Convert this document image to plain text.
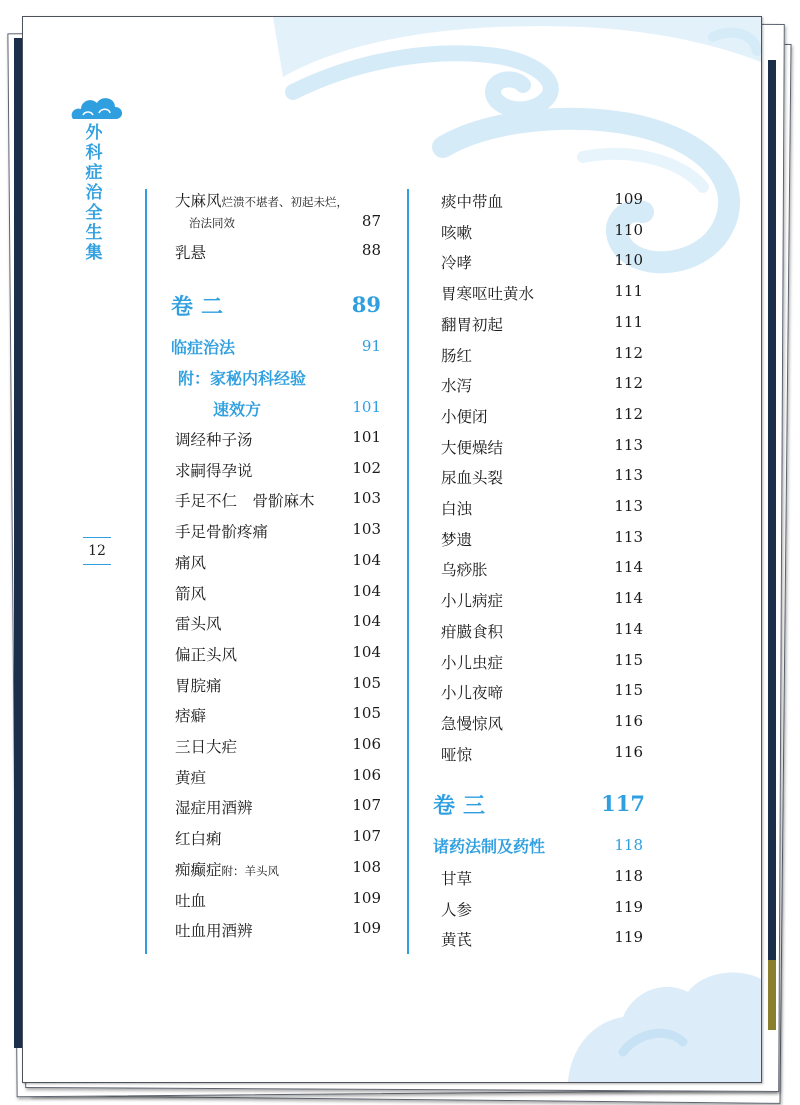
外科症治全生集
12
大麻风烂溃不堪者、初起未烂，
治法同效	87
乳悬	88
卷二	89
临症治法	91
附：家秘内科经验
速效方	101
调经种子汤	101
求嗣得孕说	102
手足不仁　骨骱麻木	103
手足骨骱疼痛	103
痛风	104
箭风	104
雷头风	104
偏正头风	104
胃脘痛	105
痞癖	105
三日大疟	106
黄疸	106
湿症用酒辨	107
红白痢	107
痴癫症附：羊头风	108
吐血	109
吐血用酒辨	109
痰中带血	109
咳嗽	110
冷哮	110
胃寒呕吐黄水	111
翻胃初起	111
肠红	112
水泻	112
小便闭	112
大便燥结	113
尿血头裂	113
白浊	113
梦遗	113
乌痧胀	114
小儿病症	114
疳臌食积	114
小儿虫症	115
小儿夜啼	115
急慢惊风	116
哑惊	116
卷三	117
诸药法制及药性	118
甘草	118
人参	119
黄芪	119
